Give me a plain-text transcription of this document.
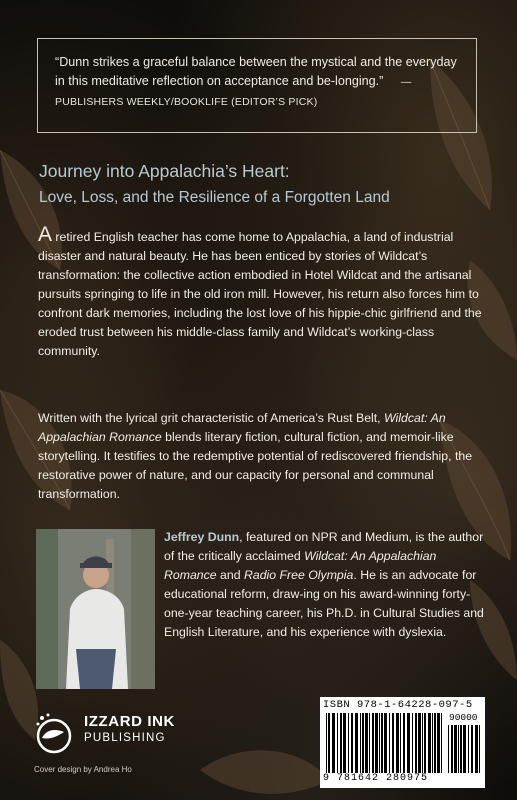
“Dunn strikes a graceful balance between the mystical and the everyday in this meditative reflection on acceptance and be-longing.” —PUBLISHERS WEEKLY/BOOKLIFE (EDITOR’S PICK)
Journey into Appalachia’s Heart:
Love, Loss, and the Resilience of a Forgotten Land
A retired English teacher has come home to Appalachia, a land of industrial disaster and natural beauty. He has been enticed by stories of Wildcat’s transformation: the collective action embodied in Hotel Wildcat and the artisanal pursuits springing to life in the old iron mill. However, his return also forces him to confront dark memories, including the lost love of his hippie-chic girlfriend and the eroded trust between his middle-class family and Wildcat’s working-class community.
Written with the lyrical grit characteristic of America’s Rust Belt, Wildcat: An Appalachian Romance blends literary fiction, cultural fiction, and memoir-like storytelling. It testifies to the redemptive potential of rediscovered friendship, the restorative power of nature, and our capacity for personal and communal transformation.
Jeffrey Dunn, featured on NPR and Medium, is the author of the critically acclaimed Wildcat: An Appalachian Romance and Radio Free Olympia. He is an advocate for educational reform, draw-ing on his award-winning forty-one-year teaching career, his Ph.D. in Cultural Studies and English Literature, and his experience with dyslexia.
IZZARD INK
PUBLISHING
Cover design by Andrea Ho
ISBN 978-1-64228-097-5
90000
9 781642 280975
